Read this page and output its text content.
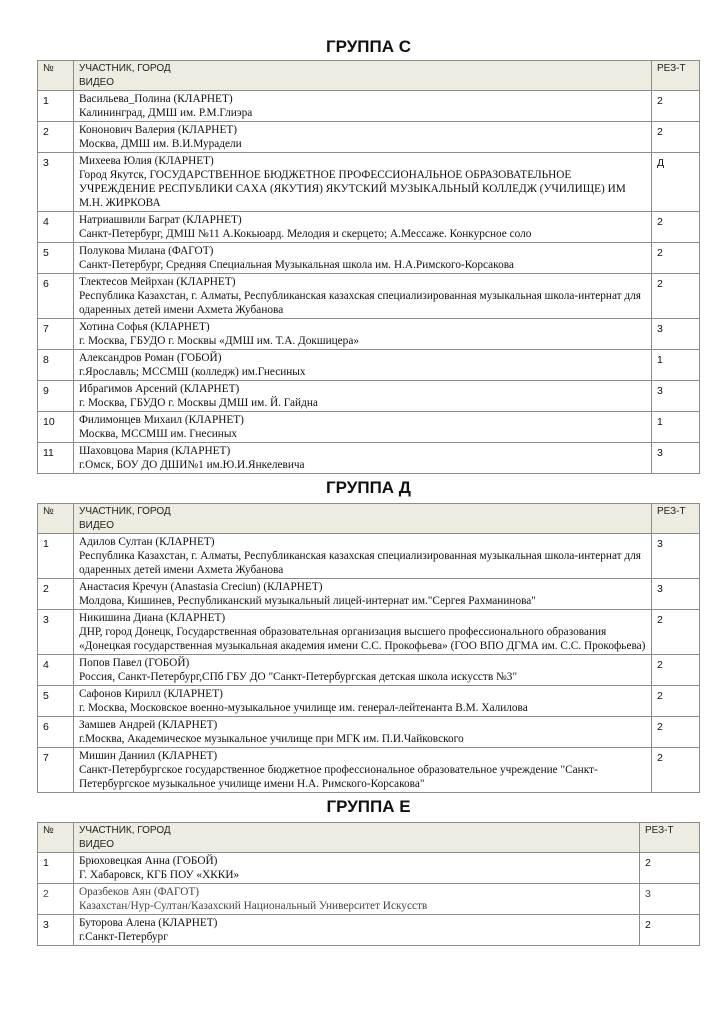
ГРУППА С
№	УЧАСТНИК, ГОРОД
ВИДЕО	РЕЗ-Т
1	Васильева_Полина (КЛАРНЕТ)
Калининград, ДМШ им. Р.М.Глиэра	2
2	Кононович Валерия (КЛАРНЕТ)
Москва, ДМШ им. В.И.Мурадели	2
3	Михеева Юлия (КЛАРНЕТ)
Город Якутск, ГОСУДАРСТВЕННОЕ БЮДЖЕТНОЕ ПРОФЕССИОНАЛЬНОЕ ОБРАЗОВАТЕЛЬНОЕ УЧРЕЖДЕНИЕ РЕСПУБЛИКИ САХА (ЯКУТИЯ) ЯКУТСКИЙ МУЗЫКАЛЬНЫЙ КОЛЛЕДЖ (УЧИЛИЩЕ) ИМ М.Н. ЖИРКОВА	Д
4	Натриашвили Баграт (КЛАРНЕТ)
Санкт-Петербург, ДМШ №11 А.Кокьюард. Мелодия и скерцето; А.Мессаже. Конкурсное соло	2
5	Полукова Милана (ФАГОТ)
Санкт-Петербург, Средняя Специальная Музыкальная школа им. Н.А.Римского-Корсакова	2
6	Тлектесов Мейрхан (КЛАРНЕТ)
Республика Казахстан, г. Алматы, Республиканская казахская специализированная музыкальная школа-интернат для одаренных детей имени Ахмета Жубанова	2
7	Хотина Софья (КЛАРНЕТ)
г. Москва, ГБУДО г. Москвы «ДМШ им. Т.А. Докшицера»	3
8	Александров Роман (ГОБОЙ)
г.Ярославль; МССМШ (колледж) им.Гнесиных	1
9	Ибрагимов Арсений (КЛАРНЕТ)
г. Москва, ГБУДО г. Москвы ДМШ им. Й. Гайдна	3
10	Филимонцев Михаил (КЛАРНЕТ)
Москва, МССМШ им. Гнесиных	1
11	Шаховцова Мария (КЛАРНЕТ)
г.Омск, БОУ ДО ДШИ№1 им.Ю.И.Янкелевича	3
ГРУППА Д
№	УЧАСТНИК, ГОРОД
ВИДЕО	РЕЗ-Т
1	Адилов Султан (КЛАРНЕТ)
Республика Казахстан, г. Алматы, Республиканская казахская специализированная музыкальная школа-интернат для одаренных детей имени Ахмета Жубанова	3
2	Анастасия Кречун (Anastasia Creciun) (КЛАРНЕТ)
Молдова, Кишинев, Республиканский музыкальный лицей-интернат им."Сергея Рахманинова"	3
3	Никишина Диана (КЛАРНЕТ)
ДНР, город Донецк, Государственная образовательная организация высшего профессионального образования «Донецкая государственная музыкальная академия имени С.С. Прокофьева» (ГОО ВПО ДГМА им. С.С. Прокофьева)	2
4	Попов Павел (ГОБОЙ)
Россия, Санкт-Петербург,СПб ГБУ ДО "Санкт-Петербургская детская школа искусств №3"	2
5	Сафонов Кирилл (КЛАРНЕТ)
г. Москва, Московское военно-музыкальное училище им. генерал-лейтенанта В.М. Халилова	2
6	Замшев Андрей (КЛАРНЕТ)
г.Москва, Академическое музыкальное училище при МГК им. П.И.Чайковского	2
7	Мишин Даниил (КЛАРНЕТ)
Санкт-Петербургское государственное бюджетное профессиональное образовательное учреждение "Санкт-Петербургское музыкальное училище имени Н.А. Римского-Корсакова"	2
ГРУППА Е
№	УЧАСТНИК, ГОРОД
ВИДЕО	РЕЗ-Т
1	Брюховецкая Анна (ГОБОЙ)
Г. Хабаровск, КГБ ПОУ «ХККИ»	2
2	Оразбеков Аян (ФАГОТ)
Казахстан/Нур-Султан/Казахский Национальный Университет Искусств	3
3	Буторова Алена (КЛАРНЕТ)
г.Санкт-Петербург	2
